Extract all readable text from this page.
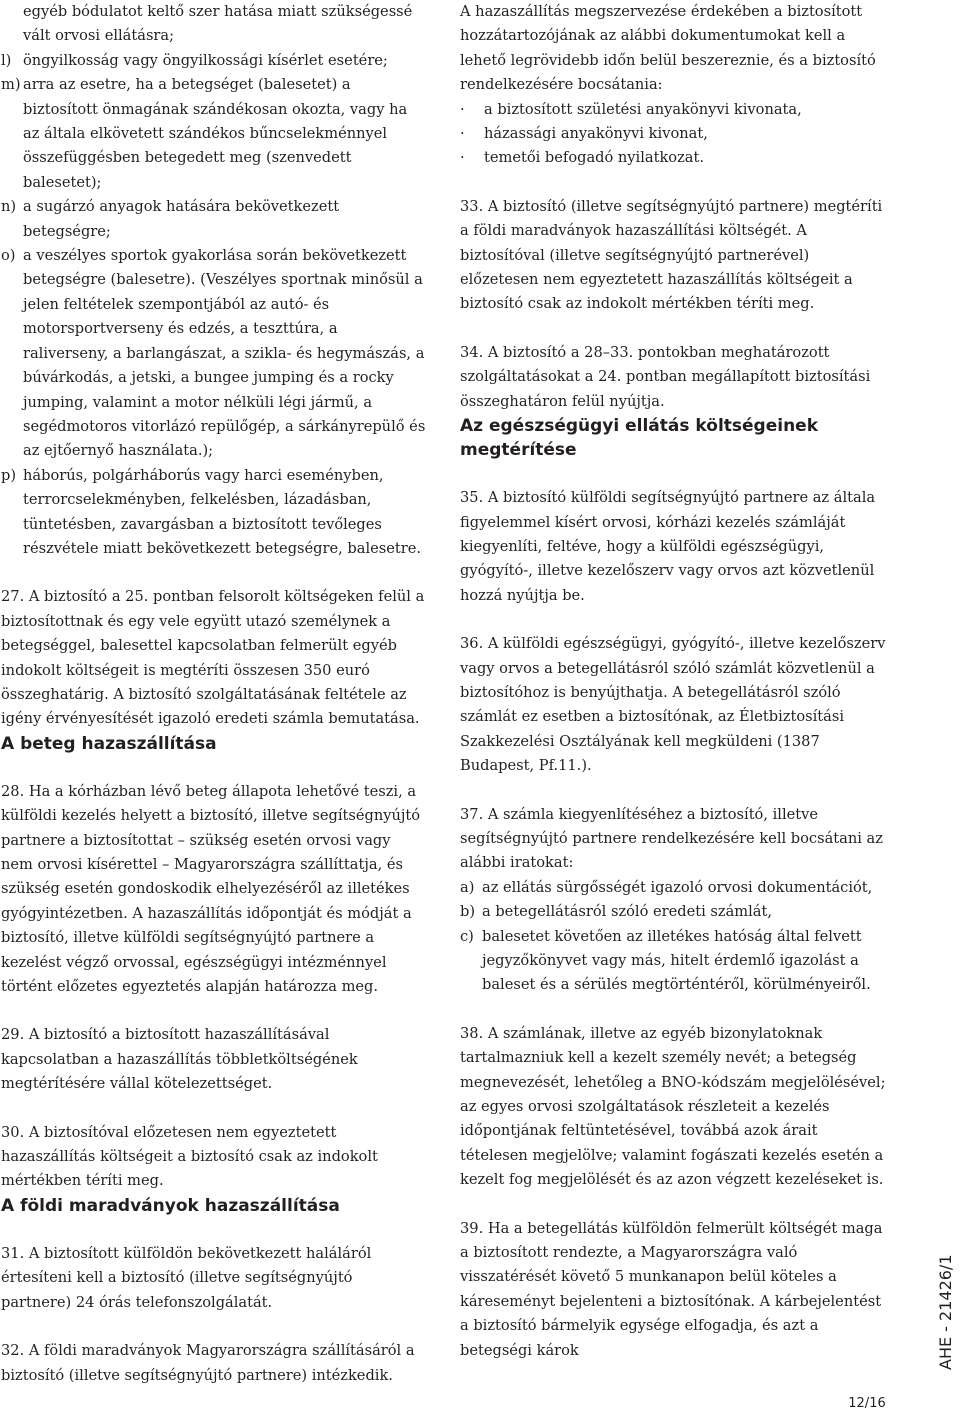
egyéb bódulatot keltő szer hatása miatt szükségessé vált orvosi ellátásra;

l) öngyilkosság vagy öngyilkossági kísérlet esetére;
m) arra az esetre, ha a betegséget (balesetet) a biztosított önmagának szándékosan okozta, vagy ha az általa elkövetett szándékos bűncselekménnyel összefüggésben betegedett meg (szenvedett balesetet);
n) a sugárzó anyagok hatására bekövetkezett betegségre;
o) a veszélyes sportok gyakorlása során bekövetkezett betegségre (balesetre). (Veszélyes sportnak minősül a jelen feltételek szempontjából az autó- és motorsportverseny és edzés, a teszttúra, a raliverseny, a barlangászat, a szikla- és hegymászás, a búvárkodás, a jetski, a bungee jumping és a rocky jumping, valamint a motor nélküli légi jármű, a segédmotoros vitorlázó repülőgép, a sárkányrepülő és az ejtőernyő használata.);
p) háborús, polgárháborús vagy harci eseményben, terrorcselekményben, felkelésben, lázadásban, tüntetésben, zavargásban a biztosított tevőleges részvétele miatt bekövetkezett betegségre, balesetre.

27. A biztosító a 25. pontban felsorolt költségeken felül a biztosítottnak és egy vele együtt utazó személynek a betegséggel, balesettel kapcsolatban felmerült egyéb indokolt költségeit is megtéríti összesen 350 euró összeghatárig. A biztosító szolgáltatásának feltétele az igény érvényesítését igazoló eredeti számla bemutatása.

A beteg hazaszállítása

28. Ha a kórházban lévő beteg állapota lehetővé teszi, a külföldi kezelés helyett a biztosító, illetve segítségnyújtó partnere a biztosítottat – szükség esetén orvosi vagy nem orvosi kísérettel – Magyarországra szállíttatja, és szükség esetén gondoskodik elhelyezéséről az illetékes gyógyintézetben. A hazaszállítás időpontját és módját a biztosító, illetve külföldi segítségnyújtó partnere a kezelést végző orvossal, egészségügyi intézménnyel történt előzetes egyeztetés alapján határozza meg.

29. A biztosító a biztosított hazaszállításával kapcsolatban a hazaszállítás többletköltségének megtérítésére vállal kötelezettséget.

30. A biztosítóval előzetesen nem egyeztetett hazaszállítás költségeit a biztosító csak az indokolt mértékben téríti meg.

A földi maradványok hazaszállítása

31. A biztosított külföldön bekövetkezett haláláról értesíteni kell a biztosító (illetve segítségnyújtó partnere) 24 órás telefonszolgálatát.

32. A földi maradványok Magyarországra szállításáról a biztosító (illetve segítségnyújtó partnere) intézkedik.

A hazaszállítás megszervezése érdekében a biztosított hozzátartozójának az alábbi dokumentumokat kell a lehető legrövidebb időn belül beszereznie, és a biztosító rendelkezésére bocsátania:

·	a biztosított születési anyakönyvi kivonata,
·	házassági anyakönyvi kivonat,
·	temetői befogadó nyilatkozat.

33. A biztosító (illetve segítségnyújtó partnere) megtéríti a földi maradványok hazaszállítási költségét. A biztosítóval (illetve segítségnyújtó partnerével) előzetesen nem egyeztetett hazaszállítás költségeit a biztosító csak az indokolt mértékben téríti meg.

34. A biztosító a 28–33. pontokban meghatározott szolgáltatásokat a 24. pontban megállapított biztosítási összeghatáron felül nyújtja.

Az egészségügyi ellátás költségeinek megtérítése

35. A biztosító külföldi segítségnyújtó partnere az általa figyelemmel kísért orvosi, kórházi kezelés számláját kiegyenlíti, feltéve, hogy a külföldi egészségügyi, gyógyító-, illetve kezelőszerv vagy orvos azt közvetlenül hozzá nyújtja be.

36. A külföldi egészségügyi, gyógyító-, illetve kezelőszerv vagy orvos a betegellátásról szóló számlát közvetlenül a biztosítóhoz is benyújthatja. A betegellátásról szóló számlát ez esetben a biztosítónak, az Életbiztosítási Szakkezelési Osztályának kell megküldeni (1387 Budapest, Pf.11.).

37. A számla kiegyenlítéséhez a biztosító, illetve segítségnyújtó partnere rendelkezésére kell bocsátani az alábbi iratokat:

a) az ellátás sürgősségét igazoló orvosi dokumentációt,
b) a betegellátásról szóló eredeti számlát,
c) balesetet követően az illetékes hatóság által felvett jegyzőkönyvet vagy más, hitelt érdemlő igazolást a baleset és a sérülés megtörténtéről, körülményeiről.

38. A számlának, illetve az egyéb bizonylatoknak tartalmazniuk kell a kezelt személy nevét; a betegség megnevezését, lehetőleg a BNO-kódszám megjelölésével; az egyes orvosi szolgáltatások részleteit a kezelés időpontjának feltüntetésével, továbbá azok árait tételesen megjelölve; valamint fogászati kezelés esetén a kezelt fog megjelölését és az azon végzett kezeléseket is.

39. Ha a betegellátás külföldön felmerült költségét maga a biztosított rendezte, a Magyarországra való visszatérését követő 5 munkanapon belül köteles a káreseményt bejelenteni a biztosítónak. A kárbejelentést a biztosító bármelyik egysége elfogadja, és azt a betegségi károk	AHE - 21426/1
12/16
